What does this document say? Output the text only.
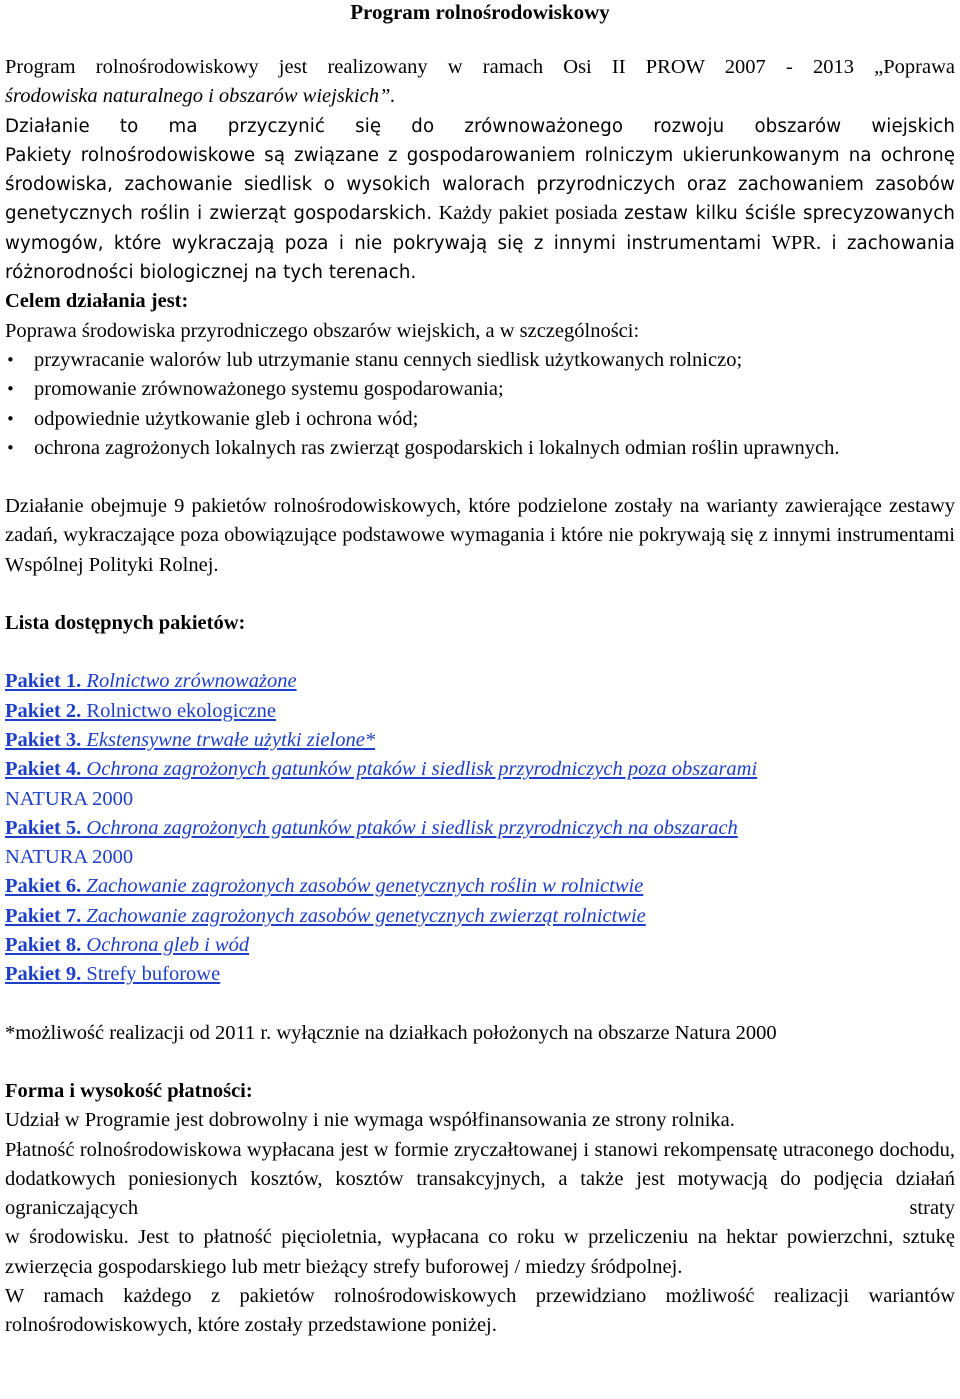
Program rolnośrodowiskowy

Program rolnośrodowiskowy jest realizowany w ramach Osi II PROW 2007 - 2013 „Poprawa

środowiska naturalnego i obszarów wiejskich”.

Działanie to ma przyczynić się do zrównoważonego rozwoju obszarów wiejskich

Pakiety rolnośrodowiskowe są związane z gospodarowaniem rolniczym ukierunkowanym na ochronę środowiska, zachowanie siedlisk o wysokich walorach przyrodniczych oraz zachowaniem zasobów genetycznych roślin i zwierząt gospodarskich. Każdy pakiet posiada zestaw kilku ściśle sprecyzowanych wymogów, które wykraczają poza i nie pokrywają się z innymi instrumentami WPR. i zachowania różnorodności biologicznej na tych terenach.

Celem działania jest:

Poprawa środowiska przyrodniczego obszarów wiejskich, a w szczególności:

• przywracanie walorów lub utrzymanie stanu cennych siedlisk użytkowanych rolniczo;
• promowanie zrównoważonego systemu gospodarowania;
• odpowiednie użytkowanie gleb i ochrona wód;
• ochrona zagrożonych lokalnych ras zwierząt gospodarskich i lokalnych odmian roślin uprawnych.

Działanie obejmuje 9 pakietów rolnośrodowiskowych, które podzielone zostały na warianty zawierające zestawy zadań, wykraczające poza obowiązujące podstawowe wymagania i które nie pokrywają się z innymi instrumentami Wspólnej Polityki Rolnej.

Lista dostępnych pakietów:

Pakiet 1. Rolnictwo zrównoważone
Pakiet 2. Rolnictwo ekologiczne
Pakiet 3. Ekstensywne trwałe użytki zielone*
Pakiet 4. Ochrona zagrożonych gatunków ptaków i siedlisk przyrodniczych poza obszarami
NATURA 2000
Pakiet 5. Ochrona zagrożonych gatunków ptaków i siedlisk przyrodniczych na obszarach
NATURA 2000
Pakiet 6. Zachowanie zagrożonych zasobów genetycznych roślin w rolnictwie
Pakiet 7. Zachowanie zagrożonych zasobów genetycznych zwierząt rolnictwie
Pakiet 8. Ochrona gleb i wód
Pakiet 9. Strefy buforowe

*możliwość realizacji od 2011 r. wyłącznie na działkach położonych na obszarze Natura 2000

Forma i wysokość płatności:

Udział w Programie jest dobrowolny i nie wymaga współfinansowania ze strony rolnika.

Płatność rolnośrodowiskowa wypłacana jest w formie zryczałtowanej i stanowi rekompensatę utraconego dochodu, dodatkowych poniesionych kosztów, kosztów transakcyjnych, a także jest motywacją do podjęcia działań ograniczających straty

w środowisku. Jest to płatność pięcioletnia, wypłacana co roku w przeliczeniu na hektar powierzchni, sztukę zwierzęcia gospodarskiego lub metr bieżący strefy buforowej / miedzy śródpolnej.

W ramach każdego z pakietów rolnośrodowiskowych przewidziano możliwość realizacji wariantów rolnośrodowiskowych, które zostały przedstawione poniżej.
